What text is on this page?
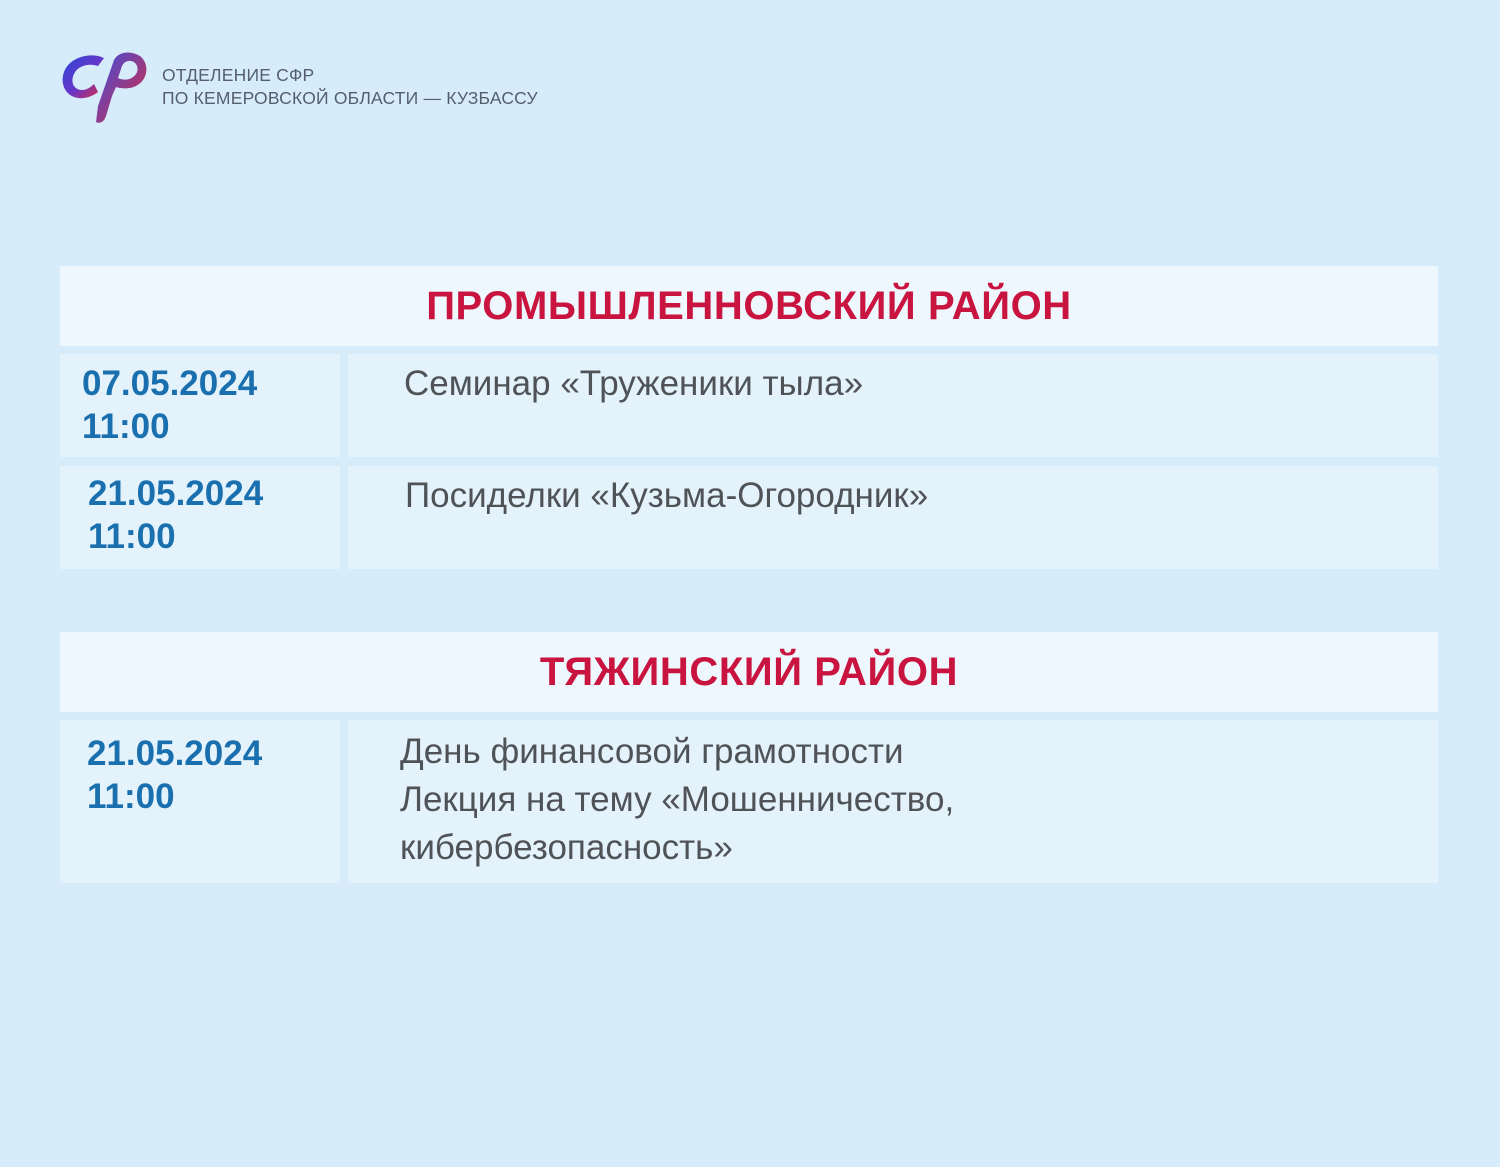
ОТДЕЛЕНИЕ СФР
ПО КЕМЕРОВСКОЙ ОБЛАСТИ — КУЗБАССУ
ПРОМЫШЛЕННОВСКИЙ РАЙОН
07.05.2024
11:00
Семинар «Труженики тыла»
21.05.2024
11:00
Посиделки «Кузьма-Огородник»
ТЯЖИНСКИЙ РАЙОН
21.05.2024
11:00
День финансовой грамотности
Лекция на тему «Мошенничество,
кибербезопасность»
